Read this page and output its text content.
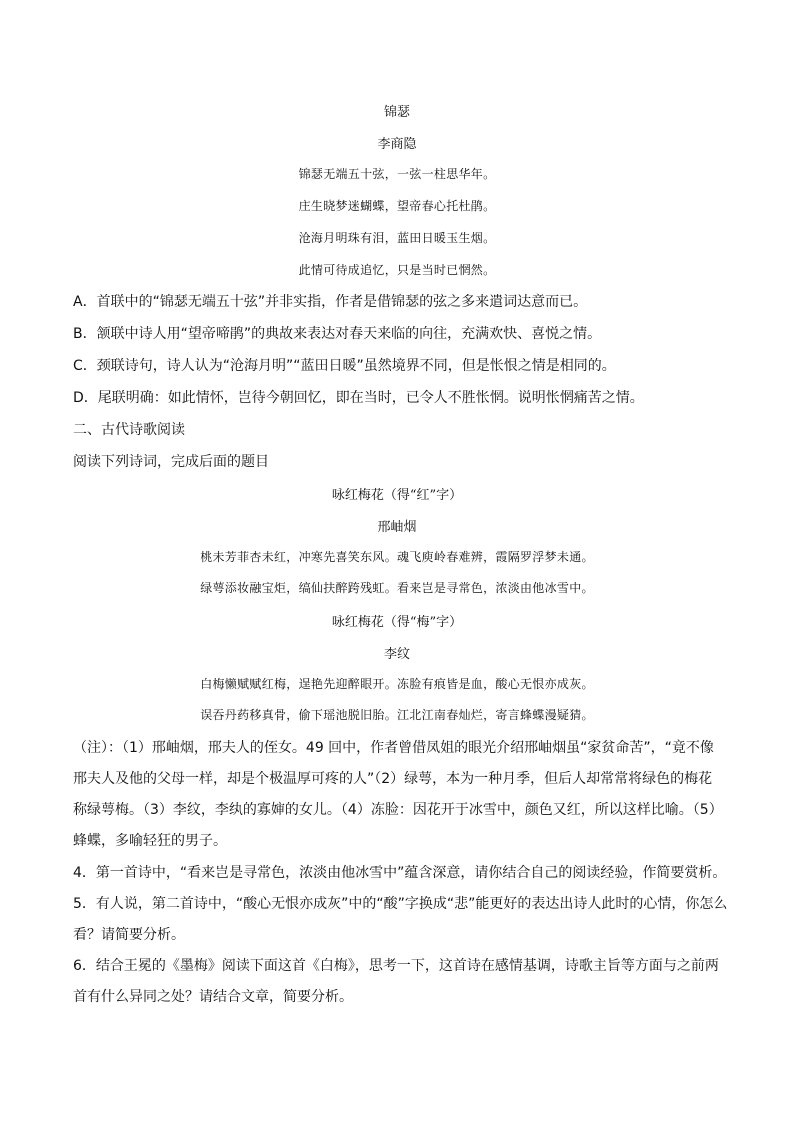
锦瑟
李商隐
锦瑟无端五十弦，一弦一柱思华年。
庄生晓梦迷蝴蝶，望帝春心托杜鹃。
沧海月明珠有泪，蓝田日暖玉生烟。
此情可待成追忆，只是当时已惘然。
A．首联中的“锦瑟无端五十弦”并非实指，作者是借锦瑟的弦之多来遣词达意而已。
B．颔联中诗人用“望帝啼鹃”的典故来表达对春天来临的向往，充满欢快、喜悦之情。
C．颈联诗句，诗人认为“沧海月明”“蓝田日暖”虽然境界不同，但是怅恨之情是相同的。
D．尾联明确：如此情怀，岂待今朝回忆，即在当时，已令人不胜怅惘。说明怅惘痛苦之情。
二、古代诗歌阅读
阅读下列诗词，完成后面的题目
咏红梅花（得“红”字）
邢岫烟
桃未芳菲杏未红，冲寒先喜笑东风。魂飞庾岭春难辨，霞隔罗浮梦未通。
绿萼添妆融宝炬，缟仙扶醉跨残虹。看来岂是寻常色，浓淡由他冰雪中。
咏红梅花（得“梅”字）
李纹
白梅懒赋赋红梅，逞艳先迎醉眼开。冻脸有痕皆是血，酸心无恨亦成灰。
误吞丹药移真骨，偷下瑶池脱旧胎。江北江南春灿烂，寄言蜂蝶漫疑猜。
（注）：（1）邢岫烟，邢夫人的侄女。49 回中，作者曾借凤姐的眼光介绍邢岫烟虽“家贫命苦”，“竟不像
邢夫人及他的父母一样，却是个极温厚可疼的人”（2）绿萼，本为一种月季，但后人却常常将绿色的梅花
称绿萼梅。（3）李纹，李纨的寡婶的女儿。（4）冻脸：因花开于冰雪中，颜色又红，所以这样比喻。（5）
蜂蝶，多喻轻狂的男子。
4．第一首诗中，“看来岂是寻常色，浓淡由他冰雪中”蕴含深意，请你结合自己的阅读经验，作简要赏析。
5．有人说，第二首诗中，“酸心无恨亦成灰”中的“酸”字换成“悲”能更好的表达出诗人此时的心情，你怎么
看？请简要分析。
6．结合王冕的《墨梅》阅读下面这首《白梅》，思考一下，这首诗在感情基调，诗歌主旨等方面与之前两
首有什么异同之处？请结合文章，简要分析。
